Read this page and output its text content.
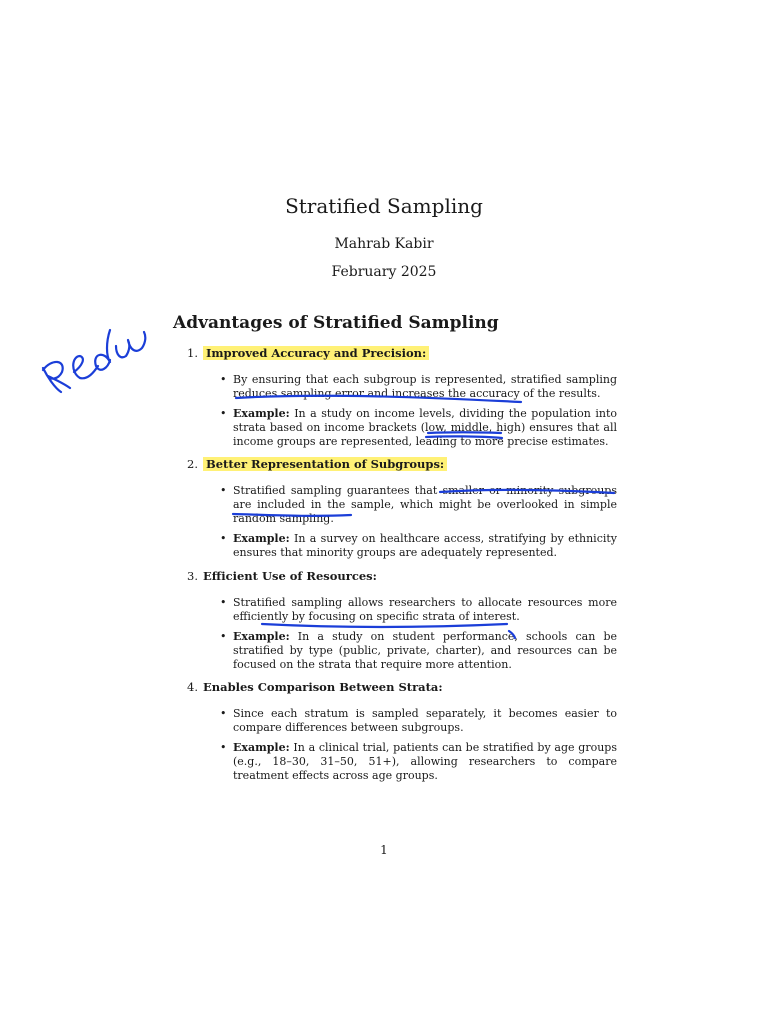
Stratified Sampling
Mahrab Kabir
February 2025
Advantages of Stratified Sampling
1. Improved Accuracy and Precision:
• By ensuring that each subgroup is represented, stratified sampling reduces sampling error and increases the accuracy of the results.
• Example: In a study on income levels, dividing the population into strata based on income brackets (low, middle, high) ensures that all income groups are represented, leading to more precise estimates.
2. Better Representation of Subgroups:
• Stratified sampling guarantees that smaller or minority subgroups are included in the sample, which might be overlooked in simple random sampling.
• Example: In a survey on healthcare access, stratifying by ethnicity ensures that minority groups are adequately represented.
3. Efficient Use of Resources:
• Stratified sampling allows researchers to allocate resources more efficiently by focusing on specific strata of interest.
• Example: In a study on student performance, schools can be stratified by type (public, private, charter), and resources can be focused on the strata that require more attention.
4. Enables Comparison Between Strata:
• Since each stratum is sampled separately, it becomes easier to compare differences between subgroups.
• Example: In a clinical trial, patients can be stratified by age groups (e.g., 18–30, 31–50, 51+), allowing researchers to compare treatment effects across age groups.
1
